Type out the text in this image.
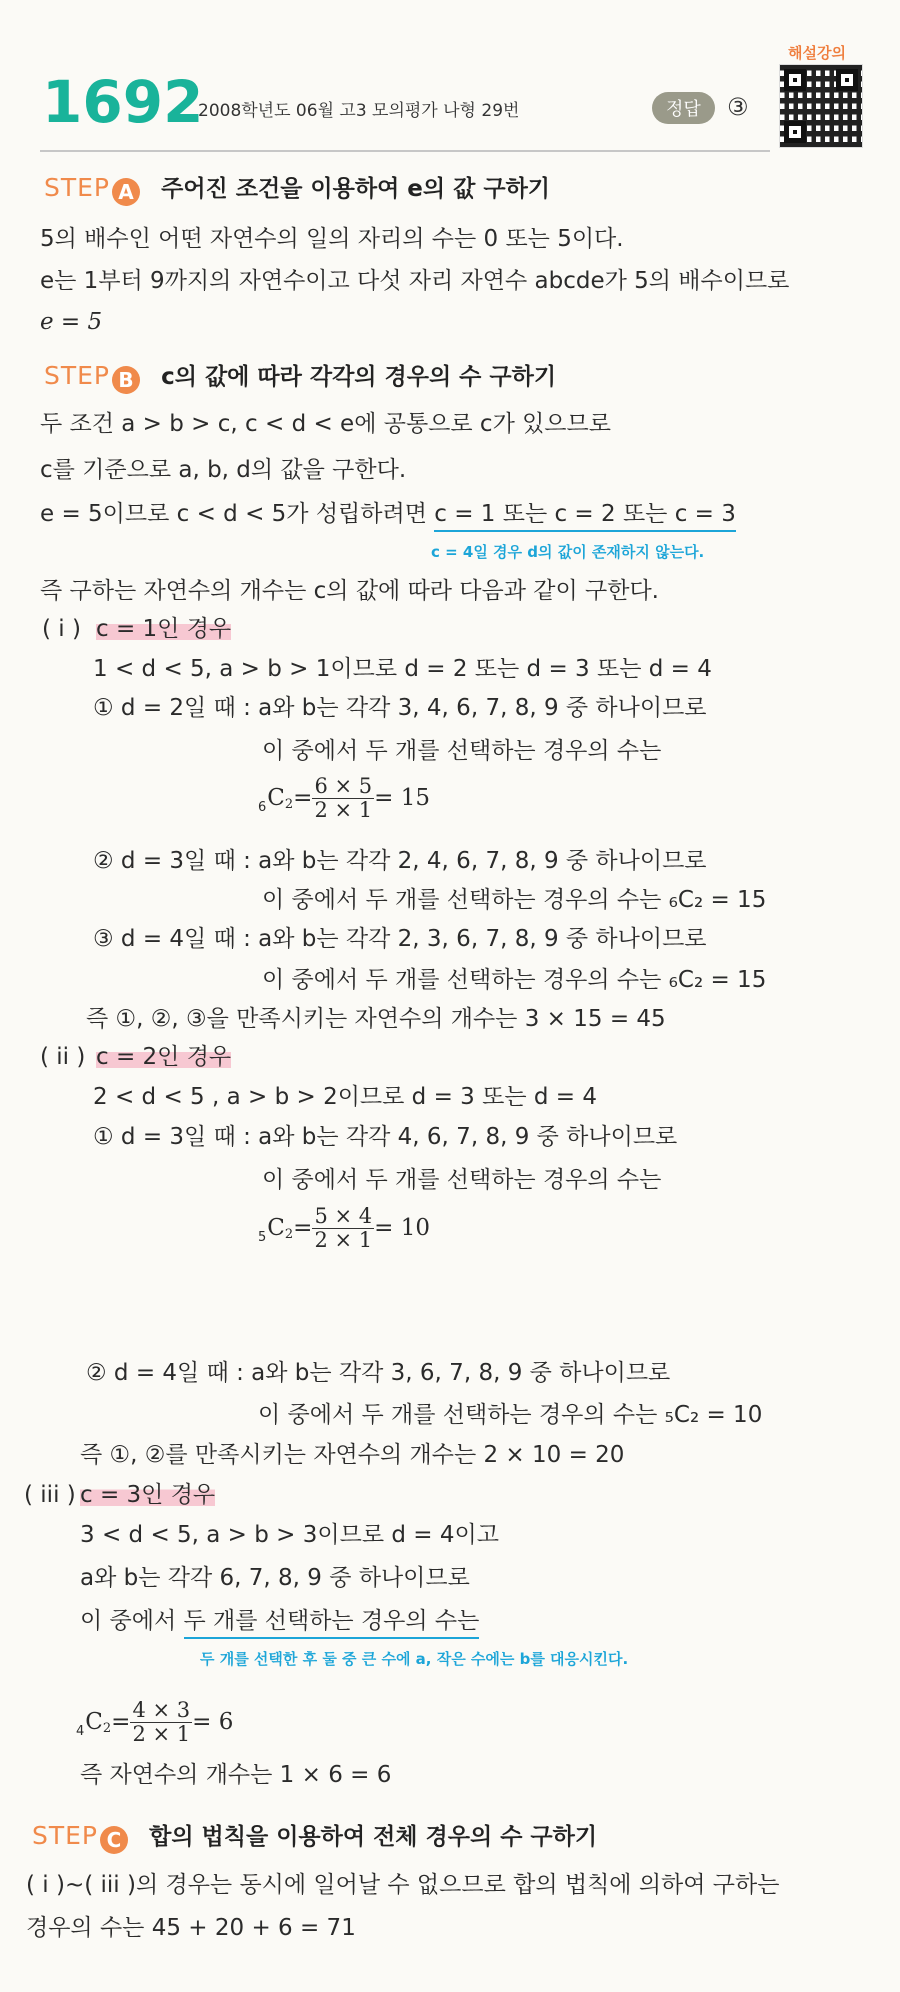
1692
2008학년도 06월 고3 모의평가 나형 29번	정답	③
해설강의
STEP A 주어진 조건을 이용하여 e의 값 구하기
5의 배수인 어떤 자연수의 일의 자리의 수는 0 또는 5이다.
e는 1부터 9까지의 자연수이고 다섯 자리 자연수 abcde가 5의 배수이므로
e = 5
STEP B c의 값에 따라 각각의 경우의 수 구하기
두 조건 a > b > c, c < d < e에 공통으로 c가 있으므로
c를 기준으로 a, b, d의 값을 구한다.
e = 5이므로 c < d < 5가 성립하려면 c = 1 또는 c = 2 또는 c = 3
c = 4일 경우 d의 값이 존재하지 않는다.
즉 구하는 자연수의 개수는 c의 값에 따라 다음과 같이 구한다.
( i ) c = 1인 경우
1 < d < 5, a > b > 1이므로 d = 2 또는 d = 3 또는 d = 4
① d = 2일 때 : a와 b는 각각 3, 4, 6, 7, 8, 9 중 하나이므로
이 중에서 두 개를 선택하는 경우의 수는
$_6C_2= \frac{6 \times 5}{2 \times 1} = 15$
② d = 3일 때 : a와 b는 각각 2, 4, 6, 7, 8, 9 중 하나이므로
이 중에서 두 개를 선택하는 경우의 수는 ₆C₂ = 15
③ d = 4일 때 : a와 b는 각각 2, 3, 6, 7, 8, 9 중 하나이므로
이 중에서 두 개를 선택하는 경우의 수는 ₆C₂ = 15
즉 ①, ②, ③을 만족시키는 자연수의 개수는 3 × 15 = 45
( ii ) c = 2인 경우
2 < d < 5 , a > b > 2이므로 d = 3 또는 d = 4
① d = 3일 때 : a와 b는 각각 4, 6, 7, 8, 9 중 하나이므로
이 중에서 두 개를 선택하는 경우의 수는
$_5C_2= \frac{5 \times 4}{2 \times 1} = 10$
② d = 4일 때 : a와 b는 각각 3, 6, 7, 8, 9 중 하나이므로
이 중에서 두 개를 선택하는 경우의 수는 ₅C₂ = 10
즉 ①, ②를 만족시키는 자연수의 개수는 2 × 10 = 20
( iii ) c = 3인 경우
3 < d < 5, a > b > 3이므로 d = 4이고
a와 b는 각각 6, 7, 8, 9 중 하나이므로
이 중에서 두 개를 선택하는 경우의 수는
두 개를 선택한 후 둘 중 큰 수에 a, 작은 수에는 b를 대응시킨다.
$_4C_2= \frac{4 \times 3}{2 \times 1} = 6$
즉 자연수의 개수는 1 × 6 = 6
STEP C 합의 법칙을 이용하여 전체 경우의 수 구하기
( i )~( iii )의 경우는 동시에 일어날 수 없으므로 합의 법칙에 의하여 구하는
경우의 수는 45 + 20 + 6 = 71
